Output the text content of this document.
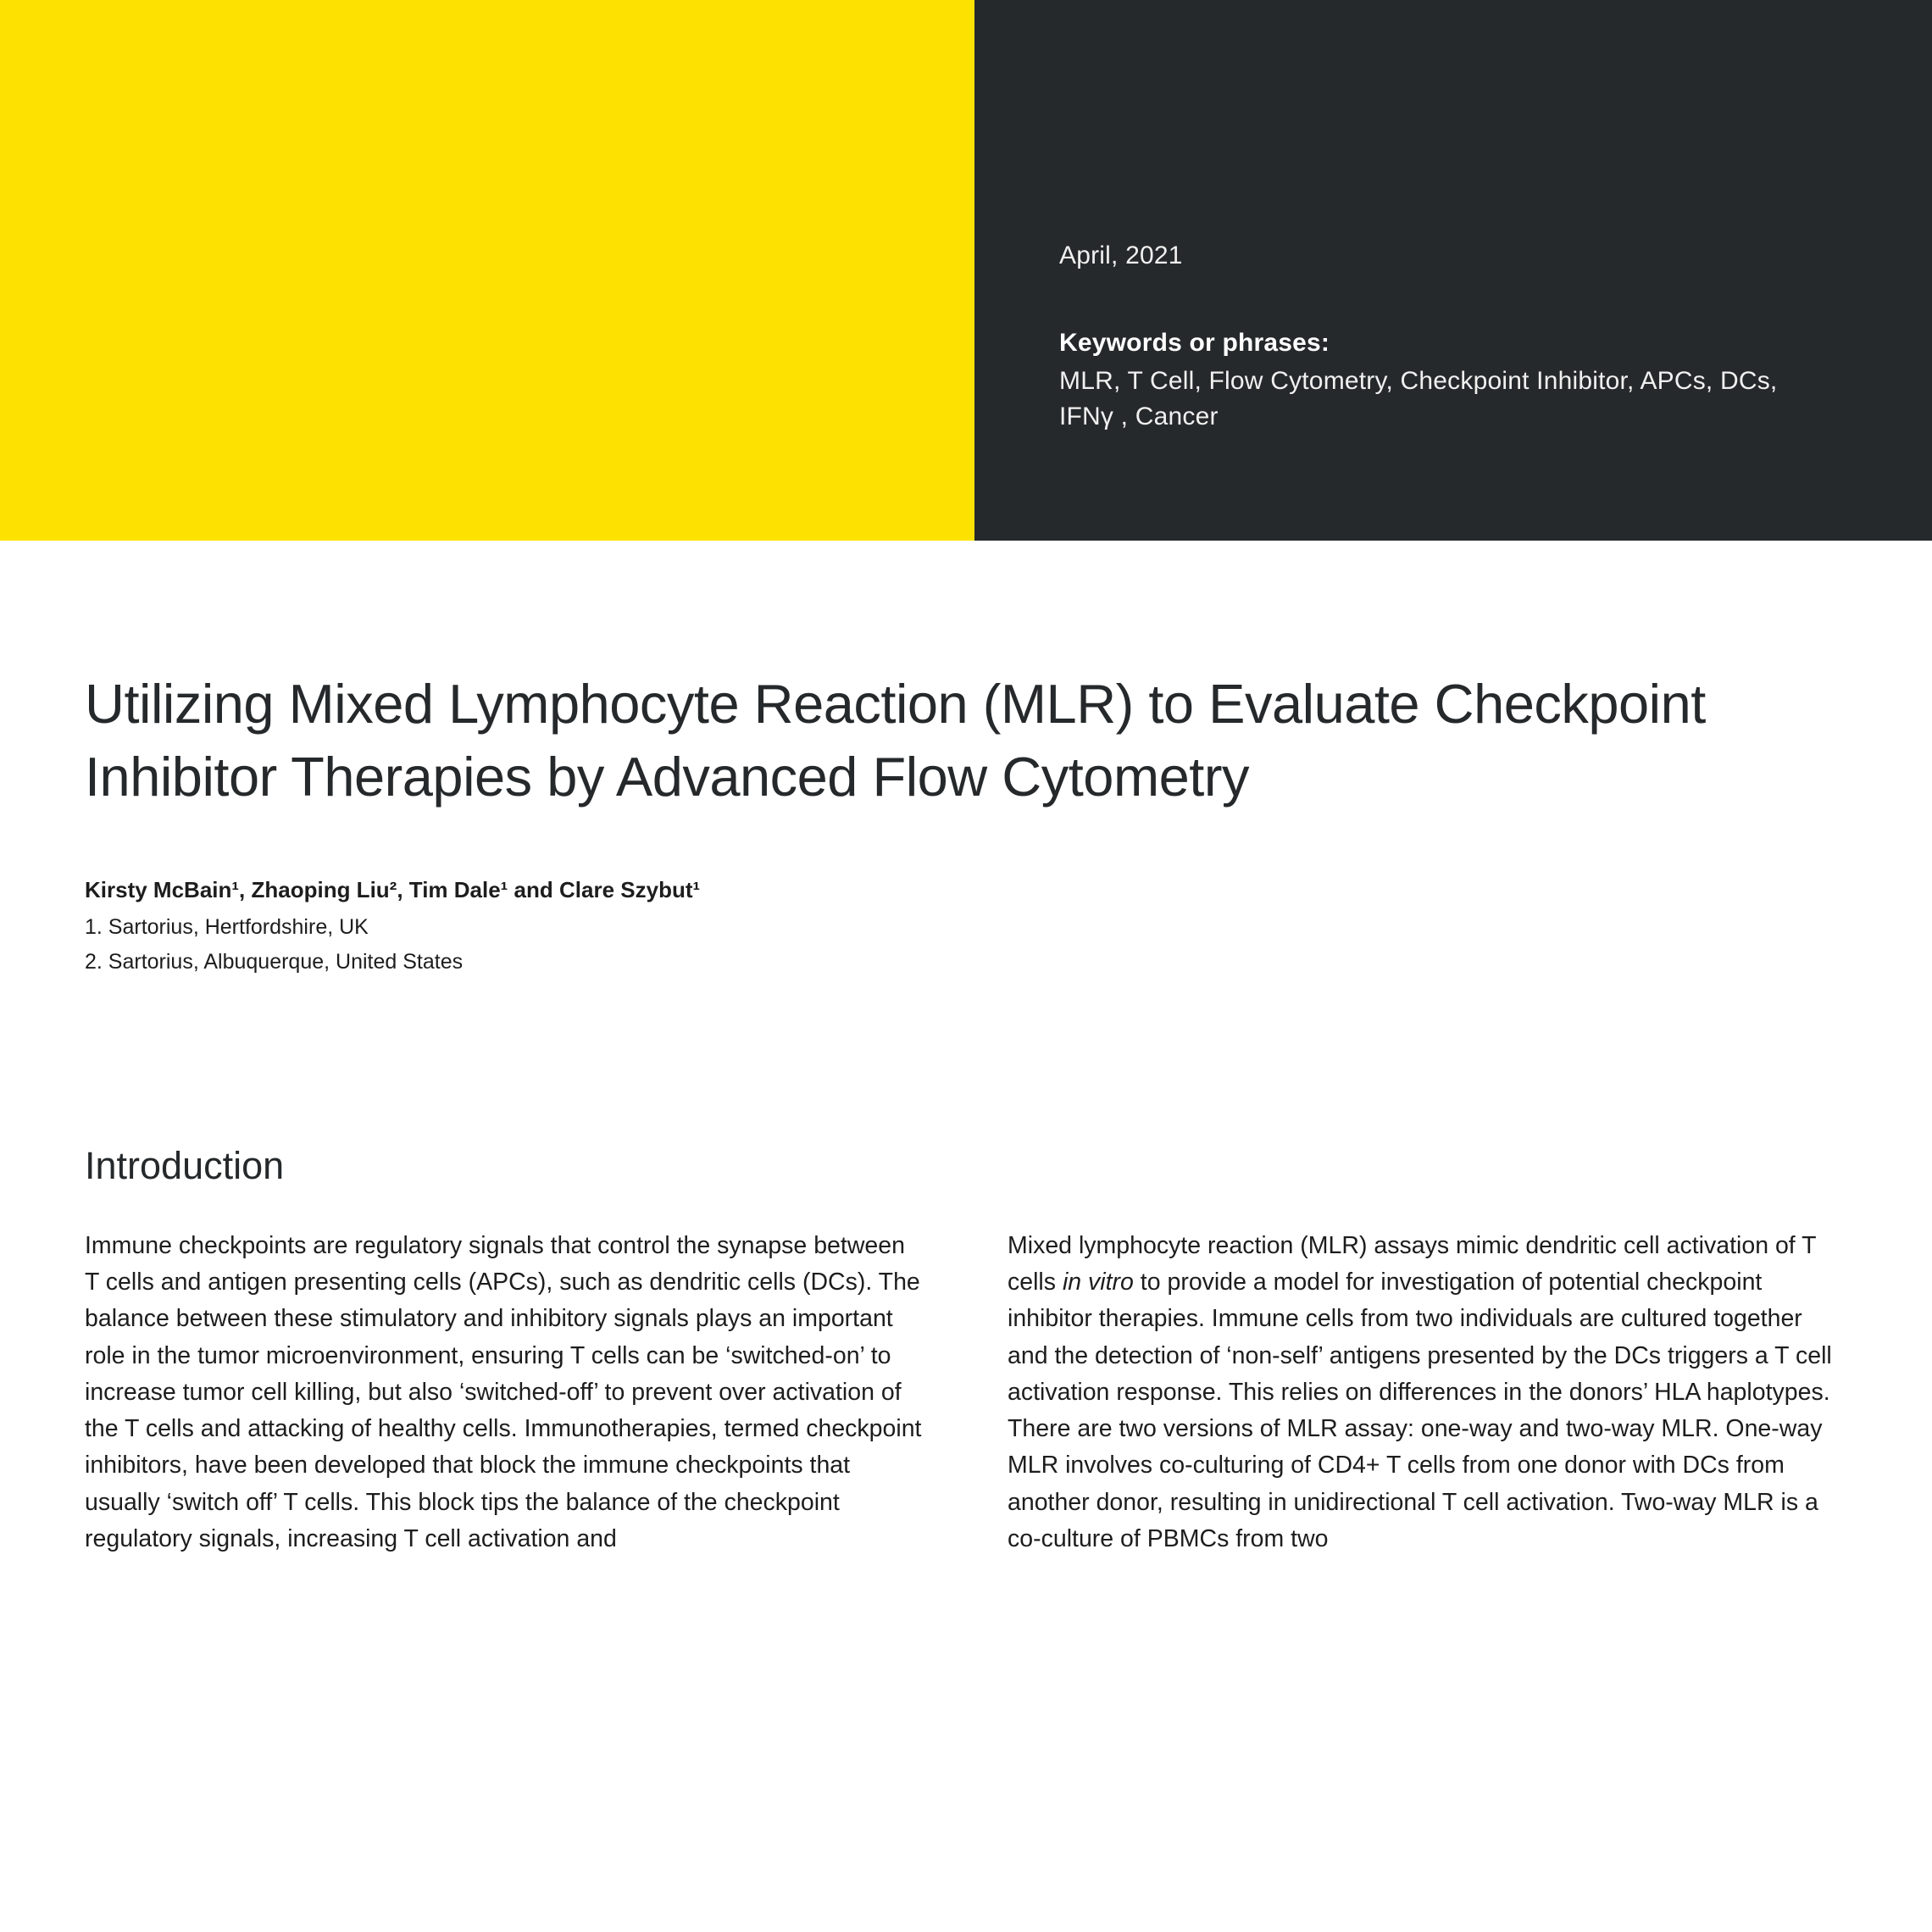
April, 2021
Keywords or phrases:
MLR, T Cell, Flow Cytometry, Checkpoint Inhibitor, APCs, DCs, IFNγ , Cancer
Utilizing Mixed Lymphocyte Reaction (MLR) to Evaluate Checkpoint Inhibitor Therapies by Advanced Flow Cytometry
Kirsty McBain¹, Zhaoping Liu², Tim Dale¹ and Clare Szybut¹
1. Sartorius, Hertfordshire, UK
2. Sartorius, Albuquerque, United States
Introduction

Immune checkpoints are regulatory signals that control the synapse between T cells and antigen presenting cells (APCs), such as dendritic cells (DCs). The balance between these stimulatory and inhibitory signals plays an important role in the tumor microenvironment, ensuring T cells can be ‘switched-on’ to increase tumor cell killing, but also ‘switched-off’ to prevent over activation of the T cells and attacking of healthy cells. Immunotherapies, termed checkpoint inhibitors, have been developed that block the immune checkpoints that usually ‘switch off’ T cells. This block tips the balance of the checkpoint regulatory signals, increasing T cell activation and

Mixed lymphocyte reaction (MLR) assays mimic dendritic cell activation of T cells in vitro to provide a model for investigation of potential checkpoint inhibitor therapies. Immune cells from two individuals are cultured together and the detection of ‘non-self’ antigens presented by the DCs triggers a T cell activation response. This relies on differences in the donors’ HLA haplotypes. There are two versions of MLR assay: one-way and two-way MLR. One-way MLR involves co-culturing of CD4+ T cells from one donor with DCs from another donor, resulting in unidirectional T cell activation. Two-way MLR is a co-culture of PBMCs from two
